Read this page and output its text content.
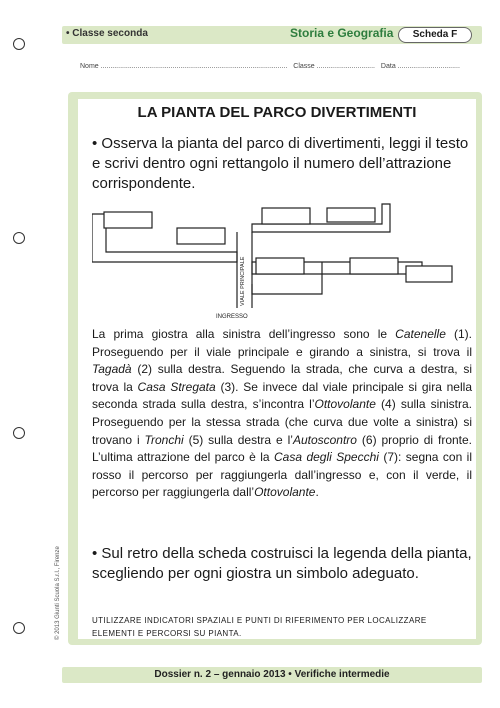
• Classe seconda	Storia e Geografia	Scheda F
Nome ................................................................................................ Classe .............................. Data ................................
LA PIANTA DEL PARCO DIVERTIMENTI
• Osserva la pianta del parco di divertimenti, leggi il testo e scrivi dentro ogni rettangolo il numero dell’attrazione corrispondente.
VIALE PRINCIPALE
INGRESSO
La prima giostra alla sinistra dell’ingresso sono le Catenelle (1). Proseguendo per il viale principale e girando a sinistra, si trova il Tagadà (2) sulla destra. Seguendo la strada, che curva a destra, si trova la Casa Stregata (3). Se invece dal viale principale si gira nella seconda strada sulla destra, s’incontra l’Ottovolante (4) sulla sinistra. Proseguendo per la stessa strada (che curva due volte a sinistra) si trovano i Tronchi (5) sulla destra e l’Autoscontro (6) proprio di fronte. L’ultima attrazione del parco è la Casa degli Specchi (7): segna con il rosso il percorso per raggiungerla dall’ingresso e, con il verde, il percorso per raggiungerla dall’Ottovolante.
• Sul retro della scheda costruisci la legenda della pianta, scegliendo per ogni giostra un simbolo adeguato.
UTILIZZARE INDICATORI SPAZIALI E PUNTI DI RIFERIMENTO PER LOCALIZZARE ELEMENTI E PERCORSI SU PIANTA.
© 2013 Giunti Scuola S.r.l., Firenze
Dossier n. 2 – gennaio 2013 • Verifiche intermedie
